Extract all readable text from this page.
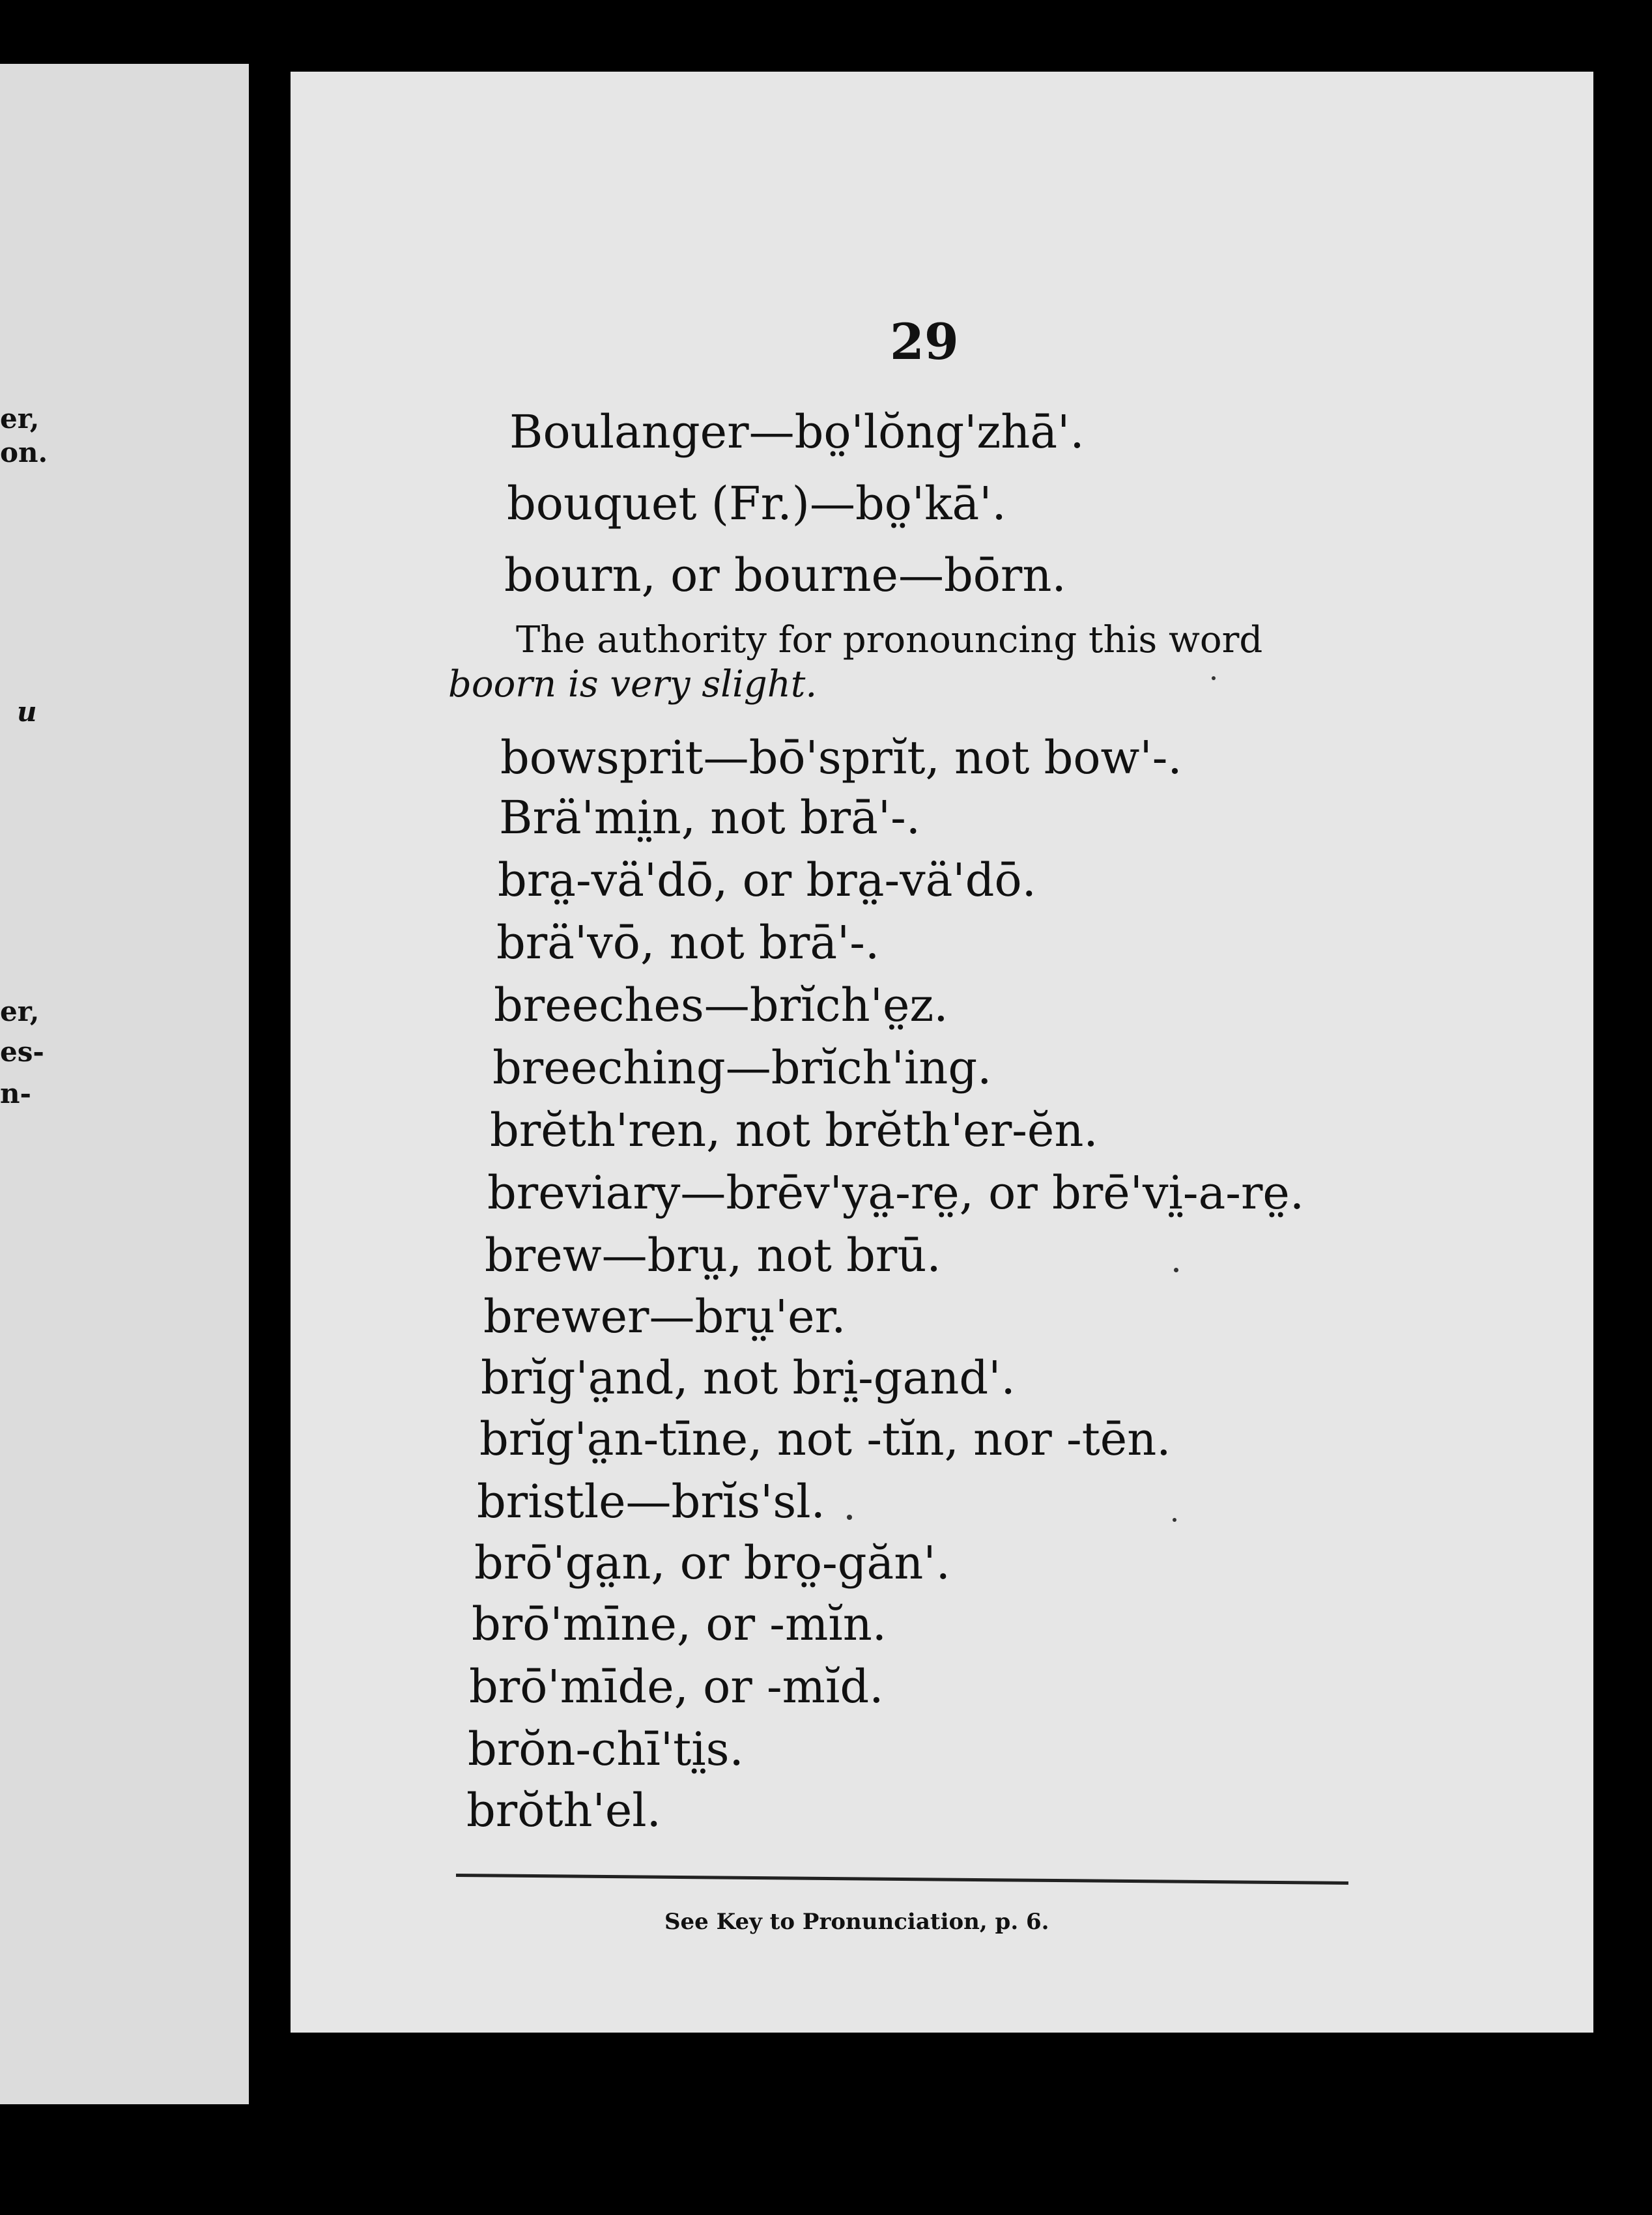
er,
on.
u
er,
es-
n-
29
Boulanger—bo̤'lŏng'zhā'.
bouquet (Fr.)—bo̤'kā'.
bourn, or bourne—bōrn.
The authority for pronouncing this word
boorn is very slight.
bowsprit—bō'sprĭt, not bow'-.
Brä'mi̤n, not brā'-.
bra̤-vä'dō, or bra̤-vä'dō.
brä'vō, not brā'-.
breeches—brĭch'e̤z.
breeching—brĭch'ing.
brĕth'ren, not brĕth'er-ĕn.
breviary—brēv'ya̤-re̤, or brē'vi̤-a-re̤.
brew—brṳ, not brū.
brewer—brṳ'er.
brĭg'a̤nd, not bri̤-gand'.
brĭg'a̤n-tīne, not -tĭn, nor -tēn.
bristle—brĭs'sl.
brō'ga̤n, or bro̤-găn'.
brō'mīne, or -mĭn.
brō'mīde, or -mĭd.
brŏn-chī'ti̤s.
brŏth'el.
See Key to Pronunciation, p. 6.
